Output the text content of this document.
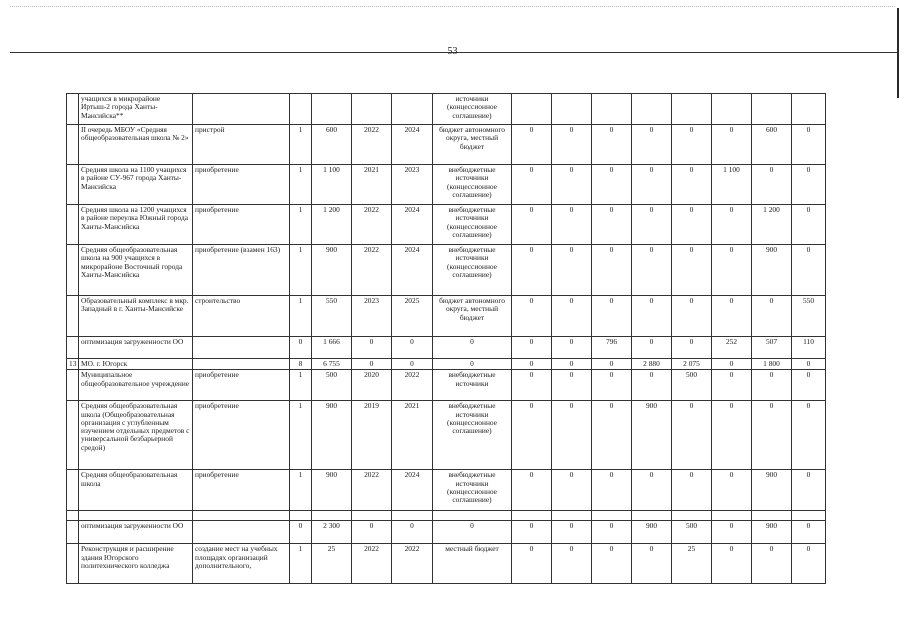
53
	учащихся в микрорайоне Иртыш-2 города Ханты-Мансийска**						источники (концессионное соглашение)								
	II очередь МБОУ «Средняя общеобразовательная школа № 2»	пристрой	1	600	2022	2024	бюджет автономного округа, местный бюджет	0	0	0	0	0	0	600	0
	Средняя школа на 1100 учащихся в районе СУ-967 города Ханты-Мансийска	приобретение	1	1 100	2021	2023	внебюджетные источники (концессионное соглашение)	0	0	0	0	0	1 100	0	0
	Средняя школа на 1200 учащихся в районе переулка Южный города Ханты-Мансийска	приобретение	1	1 200	2022	2024	внебюджетные источники (концессионное соглашение)	0	0	0	0	0	0	1 200	0
	Средняя общеобразовательная школа на 900 учащихся в микрорайоне Восточный города Ханты-Мансийска	приобретение (взамен 163)	1	900	2022	2024	внебюджетные источники (концессионное соглашение)	0	0	0	0	0	0	900	0
	Образовательный комплекс в мкр. Западный в г. Ханты-Мансийске	строительство	1	550	2023	2025	бюджет автономного округа, местный бюджет	0	0	0	0	0	0	0	550
	оптимизация загруженности ОО		0	1 666	0	0	0	0	0	796	0	0	252	507	110
13	МО. г. Югорск		8	6 755	0	0	0	0	0	0	2 880	2 075	0	1 800	0
	Муниципальное общеобразовательное учреждение	приобретение	1	500	2020	2022	внебюджетные источники	0	0	0	0	500	0	0	0
	Средняя общеобразовательная школа (Общеобразовательная организация с углубленным изучением отдельных предметов с универсальной безбарьерной средой)	приобретение	1	900	2019	2021	внебюджетные источники (концессионное соглашение)	0	0	0	900	0	0	0	0
	Средняя общеобразовательная школа	приобретение	1	900	2022	2024	внебюджетные источники (концессионное соглашение)	0	0	0	0	0	0	900	0

	оптимизация загруженности ОО		0	2 300	0	0	0	0	0	0	900	500	0	900	0
	Реконструкция и расширение здания Югорского политехнического колледжа	создание мест на учебных площадях организаций дополнительного,	1	25	2022	2022	местный бюджет	0	0	0	0	25	0	0	0
